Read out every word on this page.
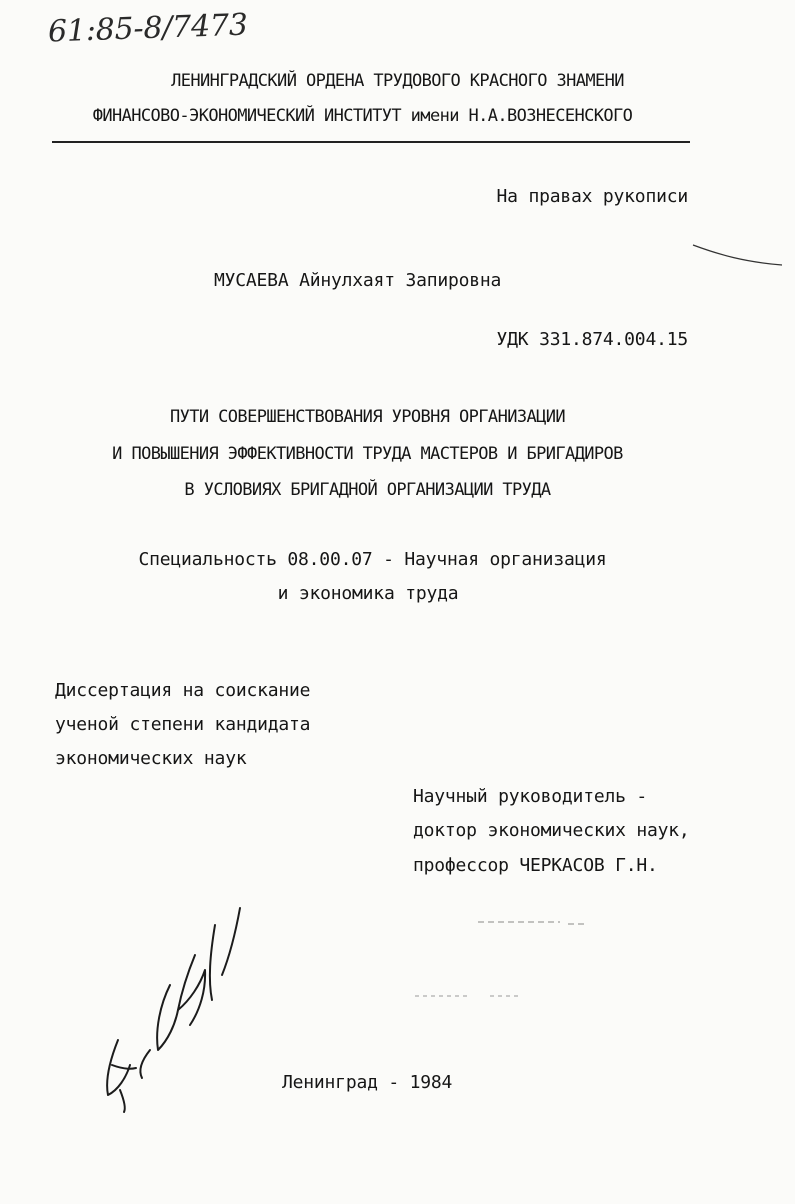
61:85-8/7473
ЛЕНИНГРАДСКИЙ ОРДЕНА ТРУДОВОГО КРАСНОГО ЗНАМЕНИ
ФИНАНСОВО-ЭКОНОМИЧЕСКИЙ ИНСТИТУТ имени Н.А.ВОЗНЕСЕНСКОГО
На правах рукописи
МУСАЕВА Айнулхаят Запировна
УДК 331.874.004.15
ПУТИ СОВЕРШЕНСТВОВАНИЯ УРОВНЯ ОРГАНИЗАЦИИ
И ПОВЫШЕНИЯ ЭФФЕКТИВНОСТИ ТРУДА МАСТЕРОВ И БРИГАДИРОВ
В УСЛОВИЯХ БРИГАДНОЙ ОРГАНИЗАЦИИ ТРУДА
Специальность 08.00.07 - Научная организация
и экономика труда
Диссертация на соискание
ученой степени кандидата
экономических наук
Научный руководитель -
доктор экономических наук,
профессор ЧЕРКАСОВ Г.Н.
Ленинград - 1984
